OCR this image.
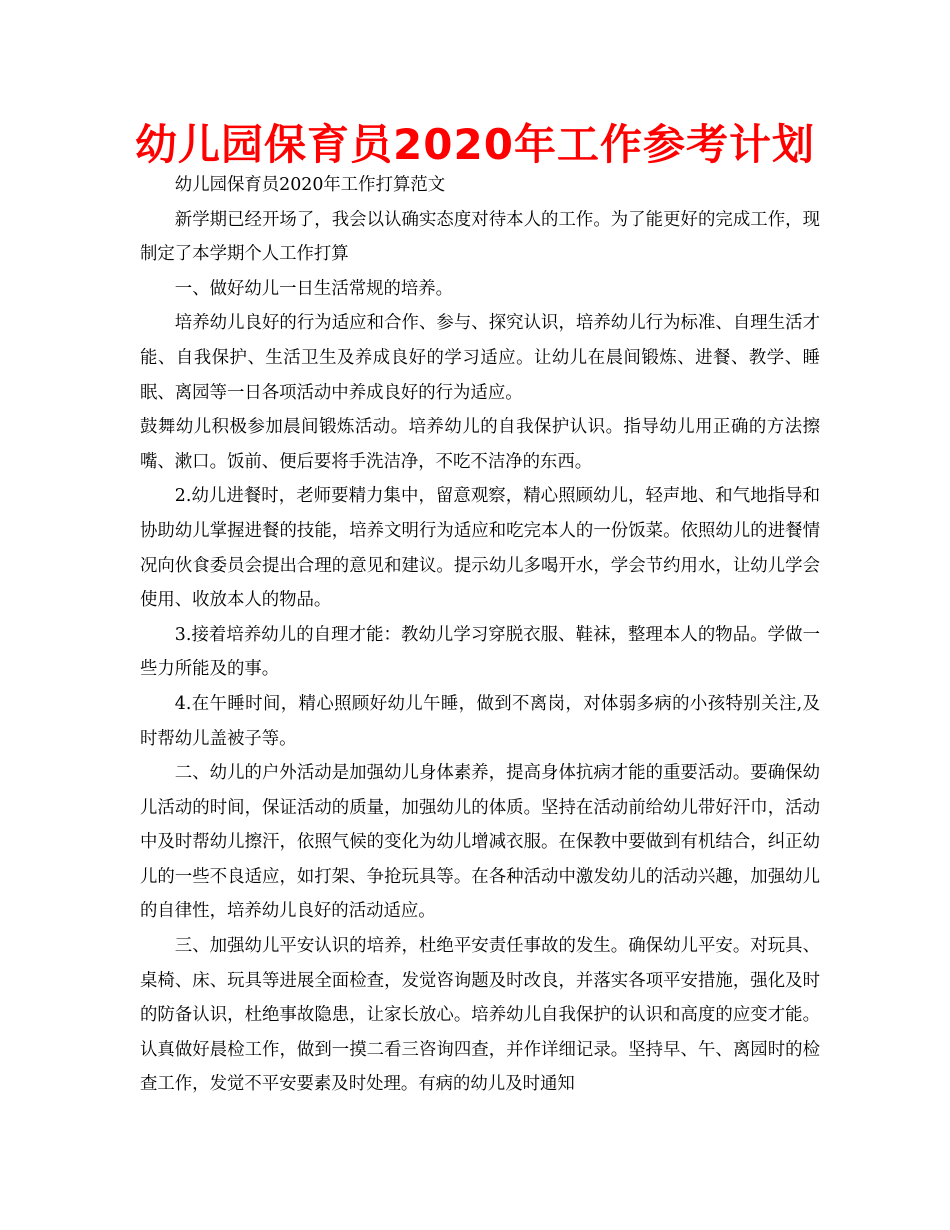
幼儿园保育员2020年工作参考计划

幼儿园保育员2020年工作打算范文

新学期已经开场了，我会以认确实态度对待本人的工作。为了能更好的完成工作，现制定了本学期个人工作打算

一、做好幼儿一日生活常规的培养。

培养幼儿良好的行为适应和合作、参与、探究认识，培养幼儿行为标准、自理生活才能、自我保护、生活卫生及养成良好的学习适应。让幼儿在晨间锻炼、进餐、教学、睡眠、离园等一日各项活动中养成良好的行为适应。

鼓舞幼儿积极参加晨间锻炼活动。培养幼儿的自我保护认识。指导幼儿用正确的方法擦嘴、漱口。饭前、便后要将手洗洁净，不吃不洁净的东西。

2.幼儿进餐时，老师要精力集中，留意观察，精心照顾幼儿，轻声地、和气地指导和协助幼儿掌握进餐的技能，培养文明行为适应和吃完本人的一份饭菜。依照幼儿的进餐情况向伙食委员会提出合理的意见和建议。提示幼儿多喝开水，学会节约用水，让幼儿学会使用、收放本人的物品。

3.接着培养幼儿的自理才能：教幼儿学习穿脱衣服、鞋袜，整理本人的物品。学做一些力所能及的事。

4.在午睡时间，精心照顾好幼儿午睡，做到不离岗，对体弱多病的小孩特别关注,及时帮幼儿盖被子等。

二、幼儿的户外活动是加强幼儿身体素养，提高身体抗病才能的重要活动。要确保幼儿活动的时间，保证活动的质量，加强幼儿的体质。坚持在活动前给幼儿带好汗巾，活动中及时帮幼儿擦汗，依照气候的变化为幼儿增减衣服。在保教中要做到有机结合，纠正幼儿的一些不良适应，如打架、争抢玩具等。在各种活动中激发幼儿的活动兴趣，加强幼儿的自律性，培养幼儿良好的活动适应。

三、加强幼儿平安认识的培养，杜绝平安责任事故的发生。确保幼儿平安。对玩具、桌椅、床、玩具等进展全面检查，发觉咨询题及时改良，并落实各项平安措施，强化及时的防备认识，杜绝事故隐患，让家长放心。培养幼儿自我保护的认识和高度的应变才能。认真做好晨检工作，做到一摸二看三咨询四查，并作详细记录。坚持早、午、离园时的检查工作，发觉不平安要素及时处理。有病的幼儿及时通知
